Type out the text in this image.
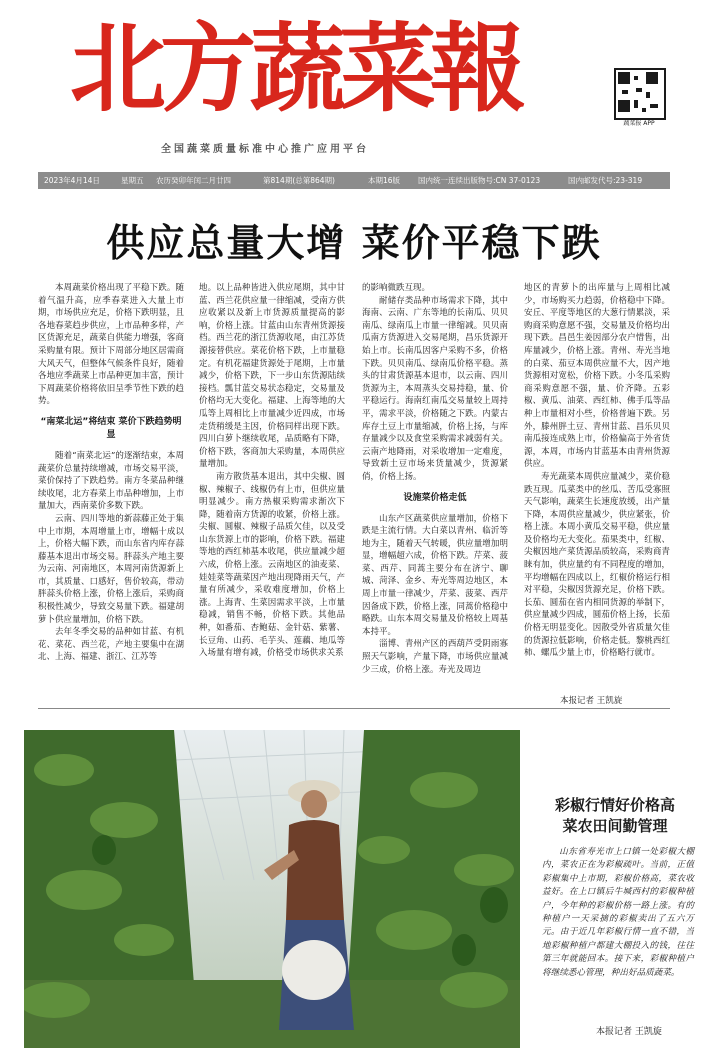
北方蔬菜報	蔬菜报 APP
全国蔬菜质量标准中心推广应用平台
2023年4月14日	星期五 农历癸卯年闰二月廿四	第814期(总第864期)	本期16版 国内统一连续出版物号:CN 37-0123	国内邮发代号:23-319
供应总量大增 菜价平稳下跌

本周蔬菜价格出现了平稳下跌。随着气温升高，应季春菜进入大量上市期，市场供应充足，价格下跌明显，且各地春菜趋步供应，上市品种多样，产区货源充足，蔬菜自供能力增强，客商采购量有限。预计下周部分地区居需商大风天气，但整体气候条件良好，随着各地应季蔬菜上市品种更加丰富，预计下周蔬菜价格将依旧呈季节性下跌的趋势。

“南菜北运”将结束 菜价下跌趋势明显

随着“南菜北运”的逐渐结束，本周蔬菜价总量持续增减，市场交易平淡，菜价保持了下跌趋势。南方冬菜品种继续收尾，北方春菜上市品种增加，上市量加大，西南菜价多数下跌。

云南、四川等地的新蒜藤正处于集中上市期，本周增量上市，增幅十成以上，价格大幅下跌，而山东省内库存蒜藤基本退出市场交易。胖蒜头产地主要为云南、河南地区，本周河南货源新上市，其质量、口感好，售价较高，带动胖蒜头价格上涨，价格上涨后，采购商积极性减少，导致交易量下跌。福建胡萝卜供应量增加，价格下跌。

去年冬季交易的品种如甘蓝、有机花、菜花、西兰花，产地主要集中在湖北、上海、福建、浙江、江苏等

地。以上品种皆进入供应尾期，其中甘蓝、西兰花供应量一律缩减，受南方供应收紧以及新上市货源质量提高的影响，价格上涨。甘蓝由山东青州货源接档。西兰花的浙江货源收尾，由江苏货源接替供应。菜花价格下跌，上市量稳定。有机花福建货源处于尾期，上市量减少，价格下跌，下一步山东货源陆续接档。瓢甘蓝交易状态稳定，交易量及价格均无大变化。福建、上海等地的大瓜等上周相比上市量减少近四成，市场走货稍缓是主因，价格同样出现下跌。四川白萝卜继续收尾，品质略有下降，价格下跌，客商加大采购量，本周供应量增加。

南方散货基本退出，其中尖椒、圆椒、辣椒子、线椒仍有上市，但供应量明显减少。南方热椒采购需求渐次下降，随着南方货源的收紧，价格上涨。尖椒、圆椒、辣椒子品质欠佳，以及受山东货源上市的影响，价格下跌。福建等地的西红柿基本收尾，供应量减少超六成，价格上涨。云南地区的油麦菜、娃娃菜等蔬菜因产地出现降雨天气，产量有所减少，采收难度增加，价格上涨。上海青、生菜因需求平淡，上市量稳减，销售不畅，价格下跌。其他品种，如番茄、杏鲍菇、金针菇、紫薯、长豆角、山药、毛芋头、莲藕、地瓜等入场量有增有减，价格受市场供求关系

的影响微跌互现。

耐储存类品种市场需求下降，其中海南、云南、广东等地的长南瓜、贝贝南瓜、绿南瓜上市量一律缩减。贝贝南瓜南方货源进入交易尾期，昌乐货源开始上市。长南瓜因客户采购不多，价格下跌。贝贝南瓜、绿南瓜价格平稳。蒸头的甘肃货源基本退市，以云南、四川货源为主，本周蒸头交易持稳，量、价平稳运行。海南红南瓜交易量较上周持平，需求平淡，价格随之下跌。内蒙古库存土豆上市量缩减，价格上扬，与库存量减少以及食堂采购需求减弱有关。云南产地降雨，对采收增加一定难度，导致新土豆市场来货量减少，货源紧俏，价格上扬。

设施菜价格走低

山东产区蔬菜供应量增加，价格下跌是主流行情。大白菜以青州、临沂等地为主，随着天气转暖，供应量增加明显，增幅超六成，价格下跌。芹菜、菠菜、西芹、同蒿主要分布在济宁、聊城、菏泽、金乡、寿光等周边地区，本周上市量一律减少，芹菜、菠菜、西芹因备成下跌，价格上涨，同蒿价格稳中略跌。山东本周交易量及价格较上周基本持平。

淄博、青州产区的西葫芦受阴雨寡照天气影响，产量下降，市场供应量减少三成，价格上涨。寿光及周边

地区的青萝卜的出库量与上周相比减少，市场购买力趋弱，价格稳中下降。安丘、平度等地区的大葱行情累淡，采购商采购意愿不强，交易量及价格均出现下跌。昌邑生姜因部分农户惜售，出库量减少，价格上涨。青州、寿光当地的白菜、茄豆本周供应量不大，因产地货源相对宽松，价格下跌。小冬瓜采购商采购意愿不强，量、价齐降。五彩椒、黄瓜、油菜、西红柿、佛手瓜等品种上市量相对小些，价格普遍下跌。另外，滕州胖土豆、青州甘蓝、昌乐贝贝南瓜接连成熟上市，价格偏高于外省货源，本周，市场内甘蓝基本由青州货源供应。

寿光蔬菜本周供应量减少，菜价稳跌互现。瓜菜类中的丝瓜、苦瓜受寡照天气影响，蔬菜生长速度放缓，出产量下降，本周供应量减少，供应紧张，价格上涨。本周小黄瓜交易平稳，供应量及价格均无大变化。茄果类中，红椒、尖椒因地产菜货源品质较高，采购商青睐有加，供应量约有不同程度的增加，平均增幅在四成以上，红椒价格运行相对平稳，尖椒因货源充足，价格下跌。长茄、圆茄在省内相同货源的举制下，供应量减少四成，圆茄价格上扬，长茄价格无明显变化。因散受外省质量欠佳的货源拉低影响，价格走低。黎桃西红柿、螺瓜少量上市，价格略行就市。

本报记者 王凯旋
彩椒行情好价格高
菜农田间勤管理

山东省寿光市上口镇一处彩椒大棚内，菜农正在为彩椒疏叶。当前，正值彩椒集中上市期，彩椒价格高，菜农收益好。在上口镇后牛堿西村的彩椒种植户，今年种的彩椒价格一路上涨。有的种植户一天采摘的彩椒卖出了五六万元。由于近几年彩椒行情一直不错，当地彩椒种植户都建大棚投入的钱，往往第三年就能回本。接下来，彩椒种植户将继续悉心管理，种出好品质蔬菜。

本报记者 王凯旋
